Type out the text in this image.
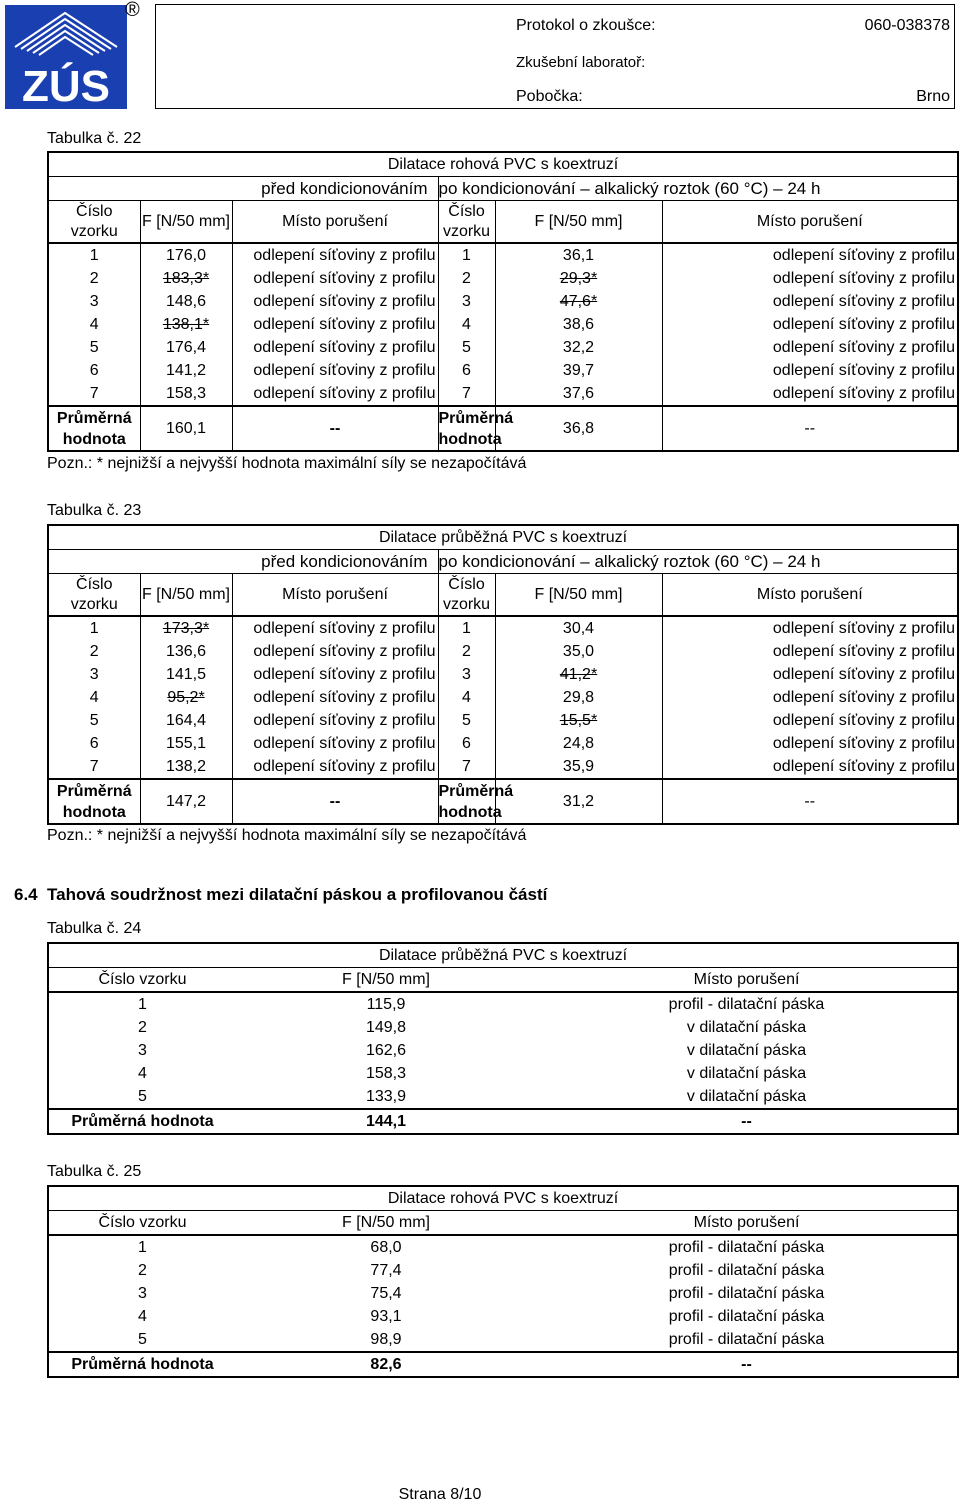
ZÚS
®
Protokol o zkoušce:	060-038378
Zkušební laboratoř:
Pobočka:	Brno
Tabulka č. 22
Dilatace rohová PVC s koextruzí					
před kondicionováním			po kondicionování – alkalický roztok (60 °C) – 24 h		
Číslo
vzorku	F [N/50 mm]	Místo porušení	Číslo
vzorku	F [N/50 mm]	Místo porušení
1	176,0	odlepení síťoviny z profilu	1	36,1	odlepení síťoviny z profilu
2	183,3*	odlepení síťoviny z profilu	2	29,3*	odlepení síťoviny z profilu
3	148,6	odlepení síťoviny z profilu	3	47,6*	odlepení síťoviny z profilu
4	138,1*	odlepení síťoviny z profilu	4	38,6	odlepení síťoviny z profilu
5	176,4	odlepení síťoviny z profilu	5	32,2	odlepení síťoviny z profilu
6	141,2	odlepení síťoviny z profilu	6	39,7	odlepení síťoviny z profilu
7	158,3	odlepení síťoviny z profilu	7	37,6	odlepení síťoviny z profilu
Průměrná
hodnota	160,1	--	Průměrná
hodnota	36,8	--
Pozn.: * nejnižší a nejvyšší hodnota maximální síly se nezapočítává
Tabulka č. 23
Dilatace průběžná PVC s koextruzí					
před kondicionováním			po kondicionování – alkalický roztok (60 °C) – 24 h		
Číslo
vzorku	F [N/50 mm]	Místo porušení	Číslo
vzorku	F [N/50 mm]	Místo porušení
1	173,3*	odlepení síťoviny z profilu	1	30,4	odlepení síťoviny z profilu
2	136,6	odlepení síťoviny z profilu	2	35,0	odlepení síťoviny z profilu
3	141,5	odlepení síťoviny z profilu	3	41,2*	odlepení síťoviny z profilu
4	95,2*	odlepení síťoviny z profilu	4	29,8	odlepení síťoviny z profilu
5	164,4	odlepení síťoviny z profilu	5	15,5*	odlepení síťoviny z profilu
6	155,1	odlepení síťoviny z profilu	6	24,8	odlepení síťoviny z profilu
7	138,2	odlepení síťoviny z profilu	7	35,9	odlepení síťoviny z profilu
Průměrná
hodnota	147,2	--	Průměrná
hodnota	31,2	--
Pozn.: * nejnižší a nejvyšší hodnota maximální síly se nezapočítává
6.4 Tahová soudržnost mezi dilatační páskou a profilovanou částí
Tabulka č. 24
Dilatace průběžná PVC s koextruzí		
Číslo vzorku	F [N/50 mm]	Místo porušení
1	115,9	profil - dilatační páska
2	149,8	v dilatační páska
3	162,6	v dilatační páska
4	158,3	v dilatační páska
5	133,9	v dilatační páska
Průměrná hodnota	144,1	--
Tabulka č. 25
Dilatace rohová PVC s koextruzí		
Číslo vzorku	F [N/50 mm]	Místo porušení
1	68,0	profil - dilatační páska
2	77,4	profil - dilatační páska
3	75,4	profil - dilatační páska
4	93,1	profil - dilatační páska
5	98,9	profil - dilatační páska
Průměrná hodnota	82,6	--
Strana 8/10
